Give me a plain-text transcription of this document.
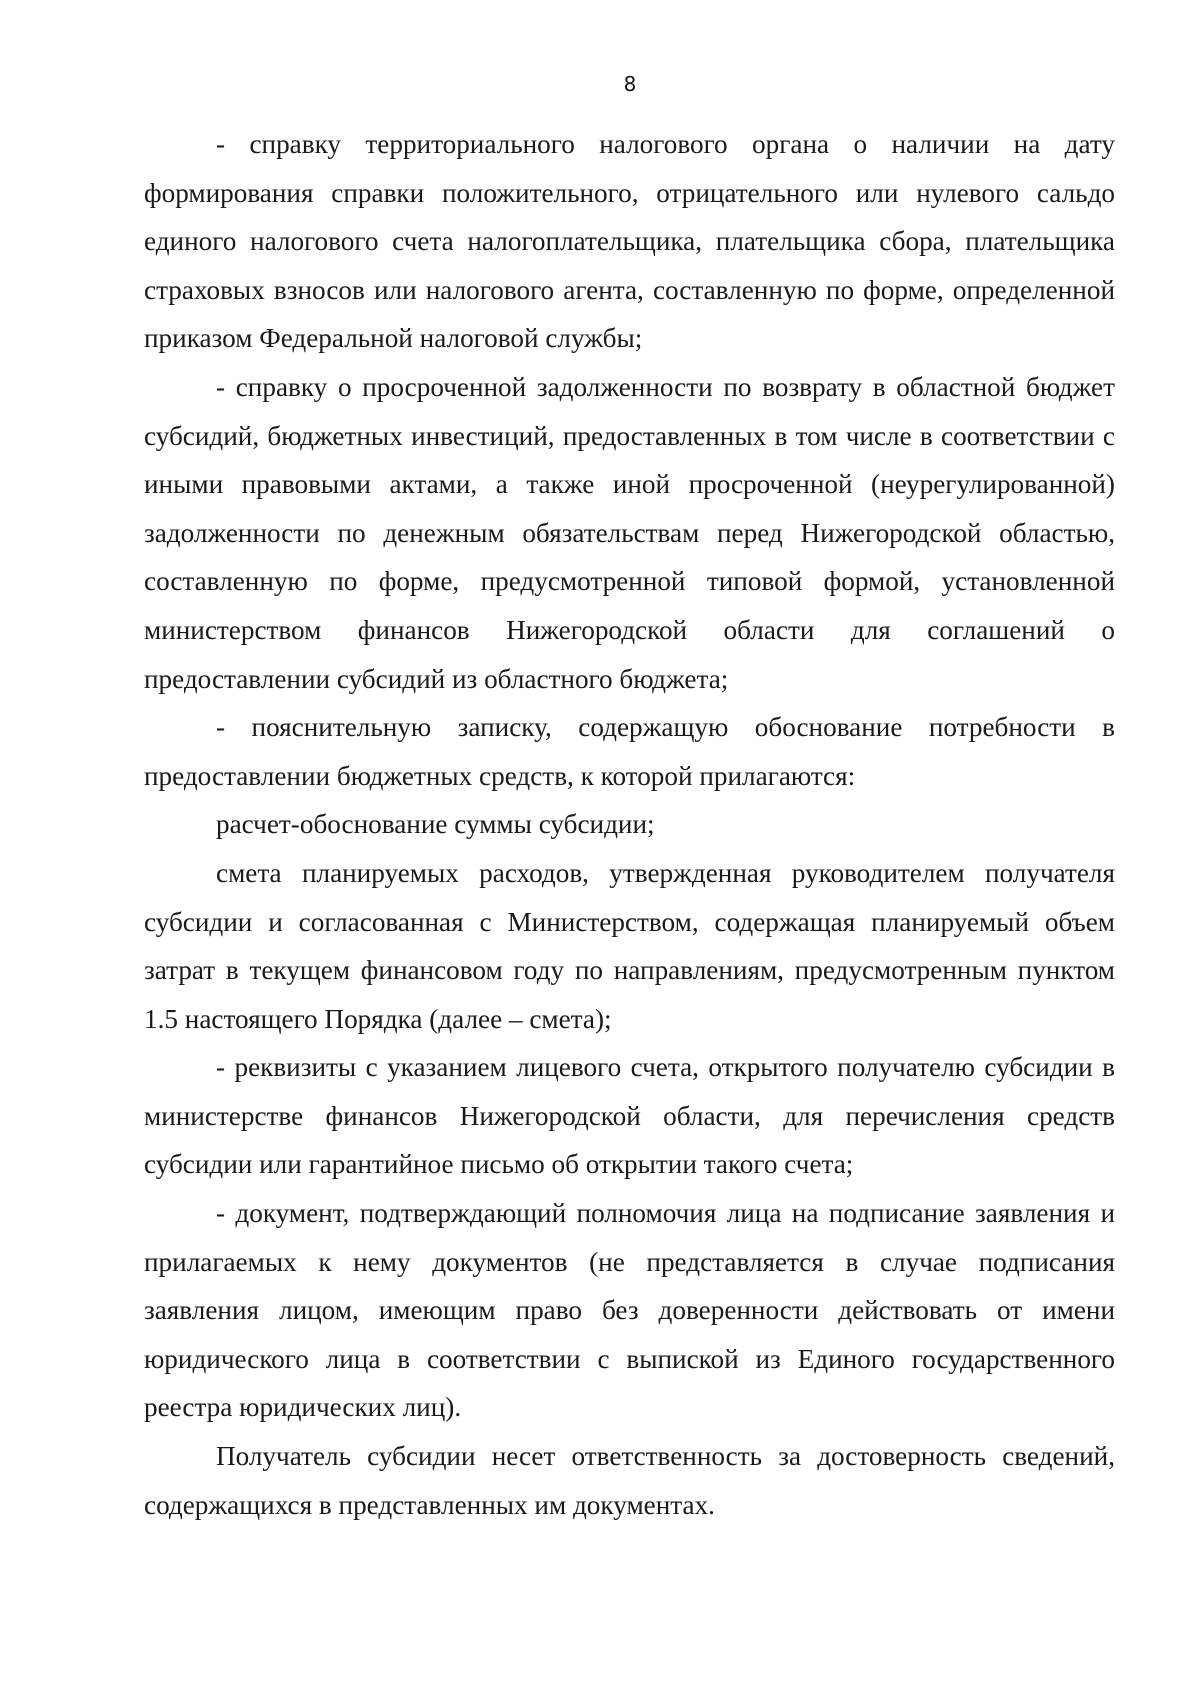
8

- справку территориального налогового органа о наличии на дату формирования справки положительного, отрицательного или нулевого сальдо единого налогового счета налогоплательщика, плательщика сбора, плательщика страховых взносов или налогового агента, составленную по форме, определенной приказом Федеральной налоговой службы;

- справку о просроченной задолженности по возврату в областной бюджет субсидий, бюджетных инвестиций, предоставленных в том числе в соответствии с иными правовыми актами, а также иной просроченной (неурегулированной) задолженности по денежным обязательствам перед Нижегородской областью, составленную по форме, предусмотренной типовой формой, установленной министерством финансов Нижегородской области для соглашений о предоставлении субсидий из областного бюджета;

- пояснительную записку, содержащую обоснование потребности в предоставлении бюджетных средств, к которой прилагаются:

расчет-обоснование суммы субсидии;

смета планируемых расходов, утвержденная руководителем получателя субсидии и согласованная с Министерством, содержащая планируемый объем затрат в текущем финансовом году по направлениям, предусмотренным пунктом 1.5 настоящего Порядка (далее – смета);

- реквизиты с указанием лицевого счета, открытого получателю субсидии в министерстве финансов Нижегородской области, для перечисления средств субсидии или гарантийное письмо об открытии такого счета;

- документ, подтверждающий полномочия лица на подписание заявления и прилагаемых к нему документов (не представляется в случае подписания заявления лицом, имеющим право без доверенности действовать от имени юридического лица в соответствии с выпиской из Единого государственного реестра юридических лиц).

Получатель субсидии несет ответственность за достоверность сведений, содержащихся в представленных им документах.
